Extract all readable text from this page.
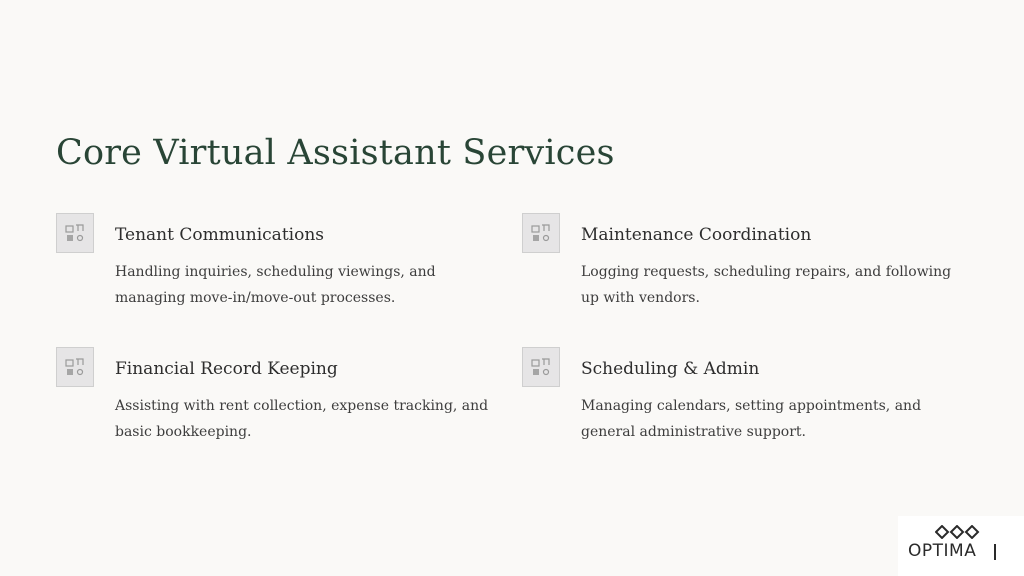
Core Virtual Assistant Services
Tenant Communications

Handling inquiries, scheduling viewings, and managing move-in/move-out processes.

Maintenance Coordination

Logging requests, scheduling repairs, and following up with vendors.

Financial Record Keeping

Assisting with rent collection, expense tracking, and basic bookkeeping.

Scheduling & Admin

Managing calendars, setting appointments, and general administrative support.

OPTIMA
